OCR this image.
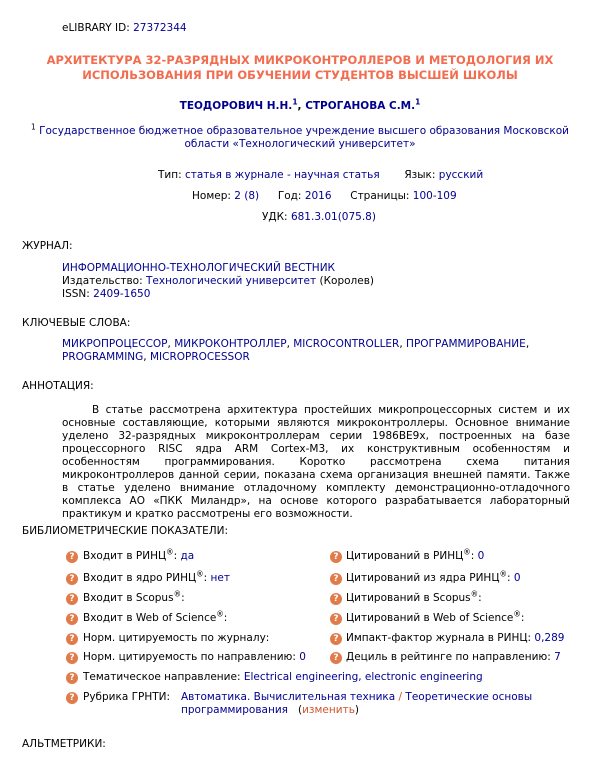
eLIBRARY ID: 27372344
АРХИТЕКТУРА 32-РАЗРЯДНЫХ МИКРОКОНТРОЛЛЕРОВ И МЕТОДОЛОГИЯ ИХ
ИСПОЛЬЗОВАНИЯ ПРИ ОБУЧЕНИИ СТУДЕНТОВ ВЫСШЕЙ ШКОЛЫ
ТЕОДОРОВИЧ Н.Н.$^1$, СТРОГАНОВА С.М.$^1$
$^1$ Государственное бюджетное образовательное учреждение высшего образования Московской
области «Технологический университет»
Тип: статья в журнале - научная статья Язык: русский
Номер: 2 (8) Год: 2016 Страницы: 100-109
УДК: 681.3.01(075.8)
ЖУРНАЛ:
ИНФОРМАЦИОННО-ТЕХНОЛОГИЧЕСКИЙ ВЕСТНИК
Издательство: Технологический университет (Королев)
ISSN: 2409-1650
КЛЮЧЕВЫЕ СЛОВА:
МИКРОПРОЦЕССОР, МИКРОКОНТРОЛЛЕР, MICROCONTROLLER, ПРОГРАММИРОВАНИЕ, PROGRAMMING, MICROPROCESSOR
АННОТАЦИЯ:
В статье рассмотрена архитектура простейших микропроцессорных систем и их основные составляющие, которыми являются микроконтроллеры. Основное внимание уделено 32-разрядных микроконтроллерам серии 1986BE9x, построенных на базе процессорного RISC ядра ARM Cortex-M3, их конструктивным особенностям и особенностям программирования. Коротко рассмотрена схема питания микроконтроллеров данной серии, показана схема организация внешней памяти. Также в статье уделено внимание отладочному комплекту демонстрационно-отладочного комплекса АО «ПКК Миландр», на основе которого разрабатывается лабораторный практикум и кратко рассмотрены его возможности.
БИБЛИОМЕТРИЧЕСКИЕ ПОКАЗАТЕЛИ:
? Входит в РИНЦ®: да
? Входит в ядро РИНЦ®: нет
? Входит в Scopus®:
? Входит в Web of Science®:
? Норм. цитируемость по журналу:
? Норм. цитируемость по направлению: 0
? Цитирований в РИНЦ®: 0
? Цитирований из ядра РИНЦ®: 0
? Цитирований в Scopus®:
? Цитирований в Web of Science®:
? Импакт-фактор журнала в РИНЦ: 0,289
? Дециль в рейтинге по направлению: 7
? Тематическое направление: Electrical engineering, electronic engineering
? Рубрика ГРНТИ: Автоматика. Вычислительная техника / Теоретические основы
программирования   (изменить)
АЛЬТМЕТРИКИ:
